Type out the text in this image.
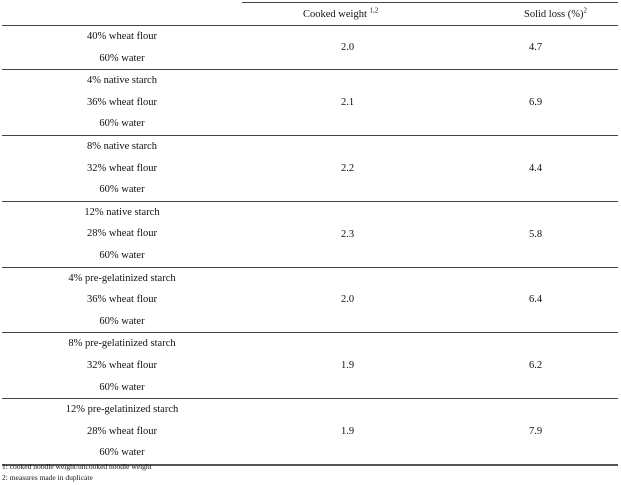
	Cooked weight $^{1,2}$	Solid loss (%)$^2$

40% wheat flour
60% water	2.0	4.7

4% native starch
36% wheat flour
60% water	2.1	6.9

8% native starch
32% wheat flour
60% water	2.2	4.4

12% native starch
28% wheat flour
60% water	2.3	5.8

4% pre-gelatinized starch
36% wheat flour
60% water	2.0	6.4

8% pre-gelatinized starch
32% wheat flour
60% water	1.9	6.2

12% pre-gelatinized starch
28% wheat flour
60% water	1.9	7.9
1: cooked noodle weight/uncooked noodle weight
2: measures made in duplicate
